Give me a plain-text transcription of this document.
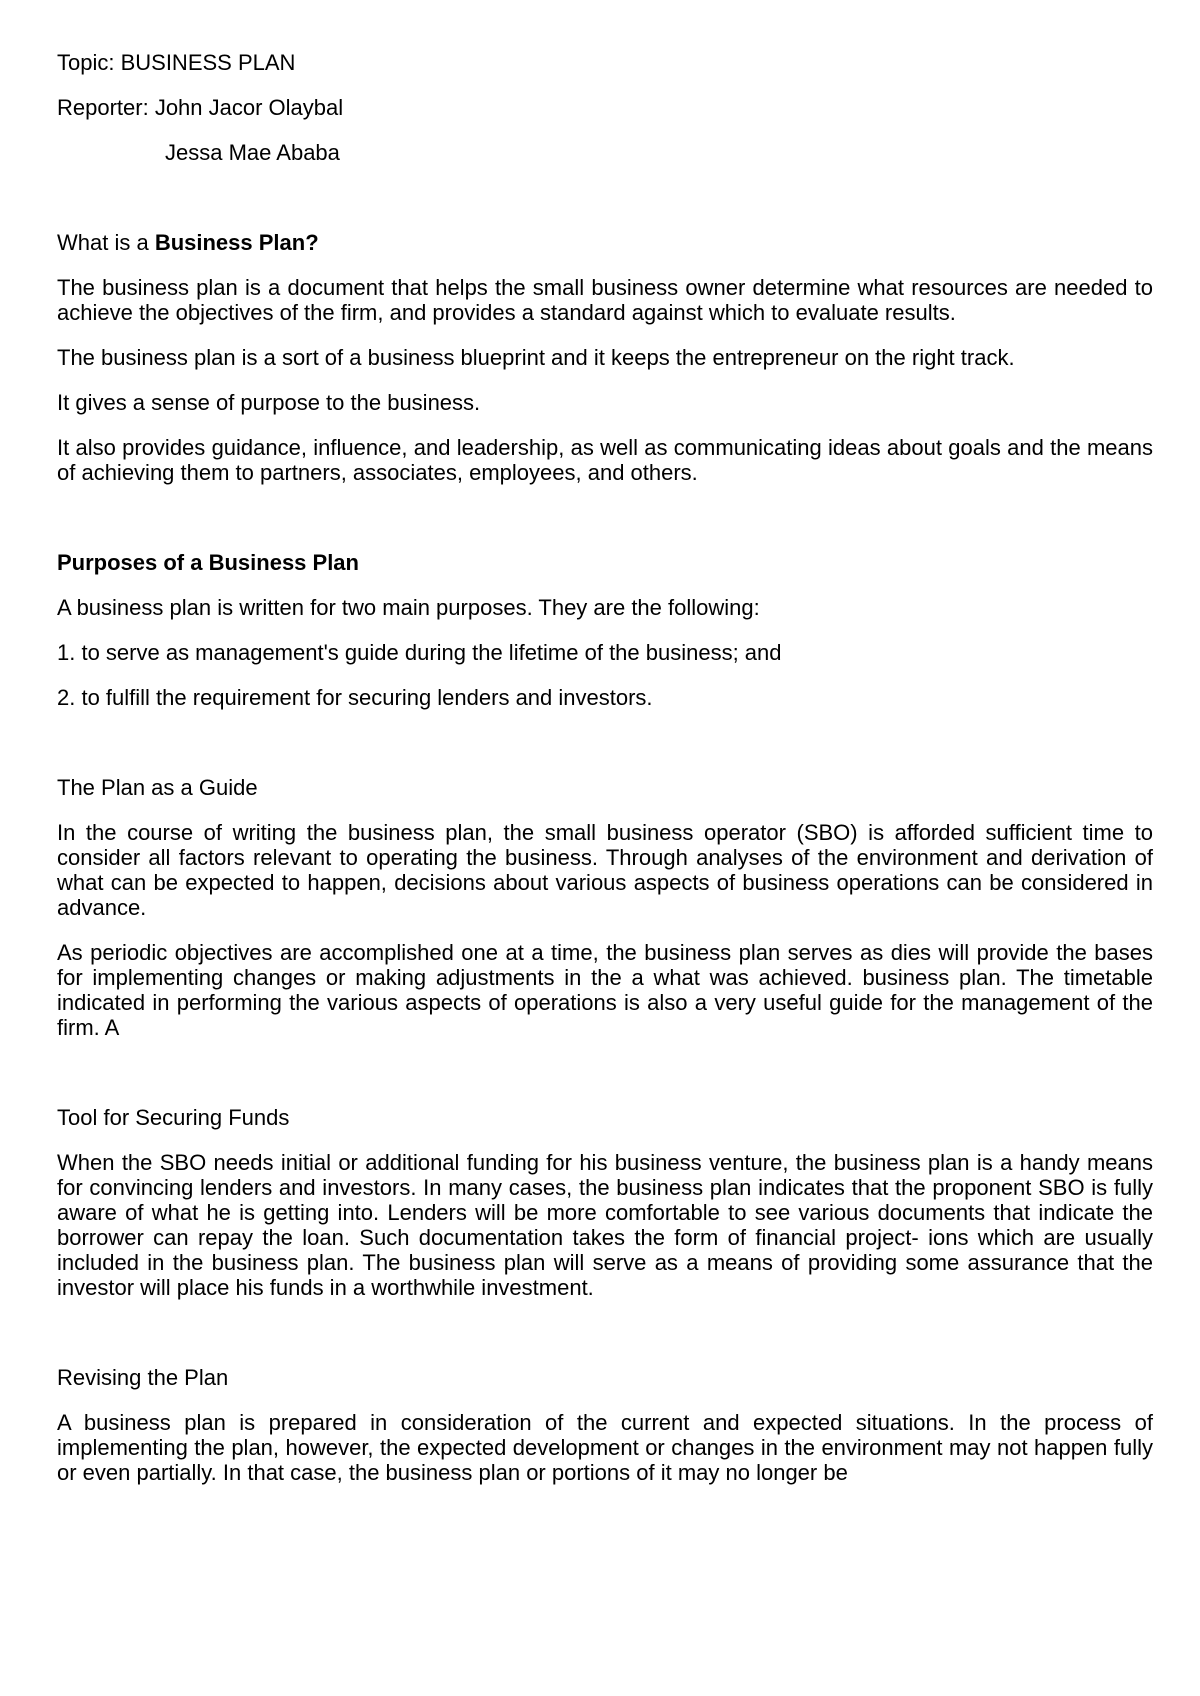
Topic: BUSINESS PLAN

Reporter: John Jacor Olaybal

Jessa Mae Ababa

What is a Business Plan?

The business plan is a document that helps the small business owner determine what resources are needed to achieve the objectives of the firm, and provides a standard against which to evaluate results.

The business plan is a sort of a business blueprint and it keeps the entrepreneur on the right track.

It gives a sense of purpose to the business.

It also provides guidance, influence, and leadership, as well as communicating ideas about goals and the means of achieving them to partners, associates, employees, and others.

Purposes of a Business Plan

A business plan is written for two main purposes. They are the following:

1. to serve as management's guide during the lifetime of the business; and

2. to fulfill the requirement for securing lenders and investors.

The Plan as a Guide

In the course of writing the business plan, the small business operator (SBO) is afforded sufficient time to consider all factors relevant to operating the business. Through analyses of the environment and derivation of what can be expected to happen, decisions about various aspects of business operations can be considered in advance.

As periodic objectives are accomplished one at a time, the business plan serves as dies will provide the bases for implementing changes or making adjustments in the a what was achieved. business plan. The timetable indicated in performing the various aspects of operations is also a very useful guide for the management of the firm. A

Tool for Securing Funds

When the SBO needs initial or additional funding for his business venture, the business plan is a handy means for convincing lenders and investors. In many cases, the business plan indicates that the proponent SBO is fully aware of what he is getting into. Lenders will be more comfortable to see various documents that indicate the borrower can repay the loan. Such documentation takes the form of financial project- ions which are usually included in the business plan. The business plan will serve as a means of providing some assurance that the investor will place his funds in a worthwhile investment.

Revising the Plan

A business plan is prepared in consideration of the current and expected situations. In the process of implementing the plan, however, the expected development or changes in the environment may not happen fully or even partially. In that case, the business plan or portions of it may no longer be
